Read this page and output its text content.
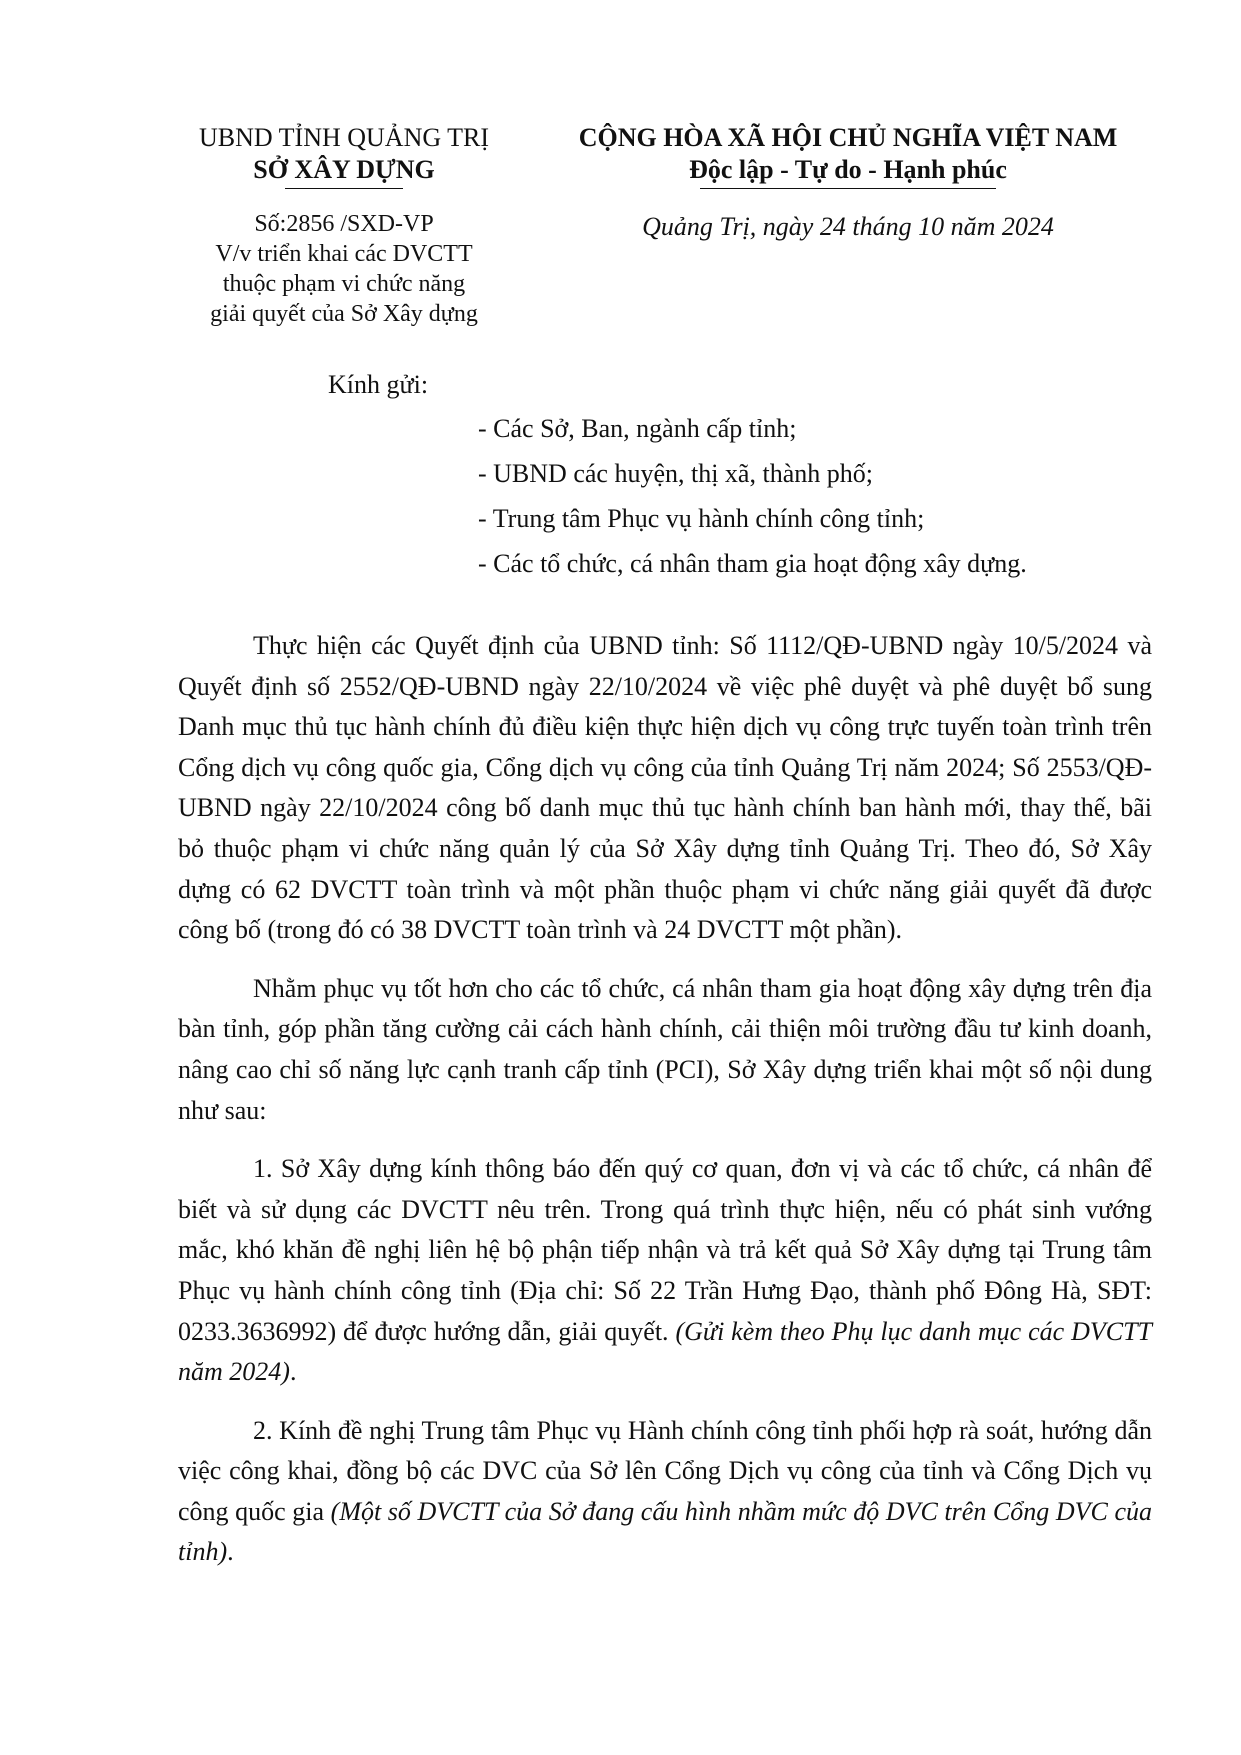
UBND TỈNH QUẢNG TRỊ
SỞ XÂY DỰNG
Số:2856 /SXD-VP
V/v triển khai các DVCTT
thuộc phạm vi chức năng
giải quyết của Sở Xây dựng
CỘNG HÒA XÃ HỘI CHỦ NGHĨA VIỆT NAM
Độc lập - Tự do - Hạnh phúc
Quảng Trị, ngày 24 tháng 10 năm 2024
Kính gửi:
- Các Sở, Ban, ngành cấp tỉnh;
- UBND các huyện, thị xã, thành phố;
- Trung tâm Phục vụ hành chính công tỉnh;
- Các tổ chức, cá nhân tham gia hoạt động xây dựng.

Thực hiện các Quyết định của UBND tỉnh: Số 1112/QĐ-UBND ngày 10/5/2024 và Quyết định số 2552/QĐ-UBND ngày 22/10/2024 về việc phê duyệt và phê duyệt bổ sung Danh mục thủ tục hành chính đủ điều kiện thực hiện dịch vụ công trực tuyến toàn trình trên Cổng dịch vụ công quốc gia, Cổng dịch vụ công của tỉnh Quảng Trị năm 2024; Số 2553/QĐ-UBND ngày 22/10/2024 công bố danh mục thủ tục hành chính ban hành mới, thay thế, bãi bỏ thuộc phạm vi chức năng quản lý của Sở Xây dựng tỉnh Quảng Trị. Theo đó, Sở Xây dựng có 62 DVCTT toàn trình và một phần thuộc phạm vi chức năng giải quyết đã được công bố (trong đó có 38 DVCTT toàn trình và 24 DVCTT một phần).

Nhằm phục vụ tốt hơn cho các tổ chức, cá nhân tham gia hoạt động xây dựng trên địa bàn tỉnh, góp phần tăng cường cải cách hành chính, cải thiện môi trường đầu tư kinh doanh, nâng cao chỉ số năng lực cạnh tranh cấp tỉnh (PCI), Sở Xây dựng triển khai một số nội dung như sau:

1. Sở Xây dựng kính thông báo đến quý cơ quan, đơn vị và các tổ chức, cá nhân để biết và sử dụng các DVCTT nêu trên. Trong quá trình thực hiện, nếu có phát sinh vướng mắc, khó khăn đề nghị liên hệ bộ phận tiếp nhận và trả kết quả Sở Xây dựng tại Trung tâm Phục vụ hành chính công tỉnh (Địa chỉ: Số 22 Trần Hưng Đạo, thành phố Đông Hà, SĐT: 0233.3636992) để được hướng dẫn, giải quyết. (Gửi kèm theo Phụ lục danh mục các DVCTT năm 2024).

2. Kính đề nghị Trung tâm Phục vụ Hành chính công tỉnh phối hợp rà soát, hướng dẫn việc công khai, đồng bộ các DVC của Sở lên Cổng Dịch vụ công của tỉnh và Cổng Dịch vụ công quốc gia (Một số DVCTT của Sở đang cấu hình nhầm mức độ DVC trên Cổng DVC của tỉnh).
